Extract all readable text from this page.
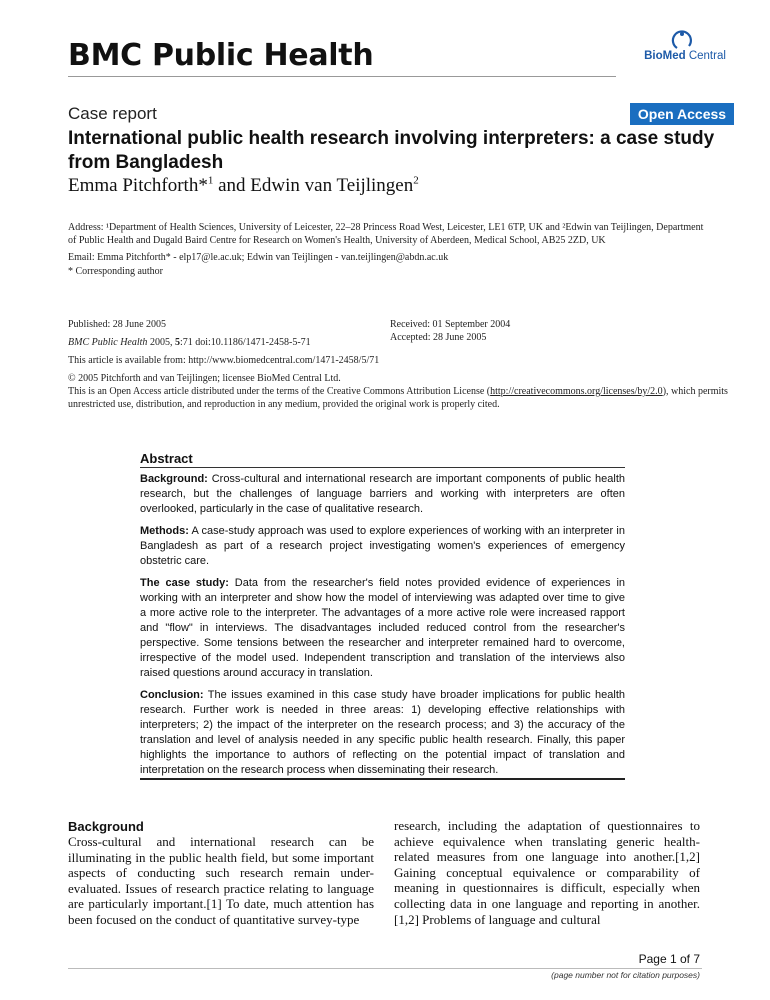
BMC Public Health	BioMed Central
Case report	Open Access
International public health research involving interpreters: a case study from Bangladesh
Emma Pitchforth*$^1$ and Edwin van Teijlingen$^2$
Address: ¹Department of Health Sciences, University of Leicester, 22–28 Princess Road West, Leicester, LE1 6TP, UK and ²Edwin van Teijlingen, Department of Public Health and Dugald Baird Centre for Research on Women's Health, University of Aberdeen, Medical School, AB25 2ZD, UK
Email: Emma Pitchforth* - elp17@le.ac.uk; Edwin van Teijlingen - van.teijlingen@abdn.ac.uk
* Corresponding author
Published: 28 June 2005
BMC Public Health 2005, 5:71 doi:10.1186/1471-2458-5-71
Received: 01 September 2004
Accepted: 28 June 2005
This article is available from: http://www.biomedcentral.com/1471-2458/5/71
© 2005 Pitchforth and van Teijlingen; licensee BioMed Central Ltd.
This is an Open Access article distributed under the terms of the Creative Commons Attribution License (http://creativecommons.org/licenses/by/2.0), which permits unrestricted use, distribution, and reproduction in any medium, provided the original work is properly cited.
Abstract

Background: Cross-cultural and international research are important components of public health research, but the challenges of language barriers and working with interpreters are often overlooked, particularly in the case of qualitative research.

Methods: A case-study approach was used to explore experiences of working with an interpreter in Bangladesh as part of a research project investigating women's experiences of emergency obstetric care.

The case study: Data from the researcher's field notes provided evidence of experiences in working with an interpreter and show how the model of interviewing was adapted over time to give a more active role to the interpreter. The advantages of a more active role were increased rapport and "flow" in interviews. The disadvantages included reduced control from the researcher's perspective. Some tensions between the researcher and interpreter remained hard to overcome, irrespective of the model used. Independent transcription and translation of the interviews also raised questions around accuracy in translation.

Conclusion: The issues examined in this case study have broader implications for public health research. Further work is needed in three areas: 1) developing effective relationships with interpreters; 2) the impact of the interpreter on the research process; and 3) the accuracy of the translation and level of analysis needed in any specific public health research. Finally, this paper highlights the importance to authors of reflecting on the potential impact of translation and interpretation on the research process when disseminating their research.

Background
Cross-cultural and international research can be illuminating in the public health field, but some important aspects of conducting such research remain under-evaluated. Issues of research practice relating to language are particularly important.[1] To date, much attention has been focused on the conduct of quantitative survey-type
research, including the adaptation of questionnaires to achieve equivalence when translating generic health-related measures from one language into another.[1,2] Gaining conceptual equivalence or comparability of meaning in questionnaires is difficult, especially when collecting data in one language and reporting in another.[1,2] Problems of language and cultural
Page 1 of 7
(page number not for citation purposes)
